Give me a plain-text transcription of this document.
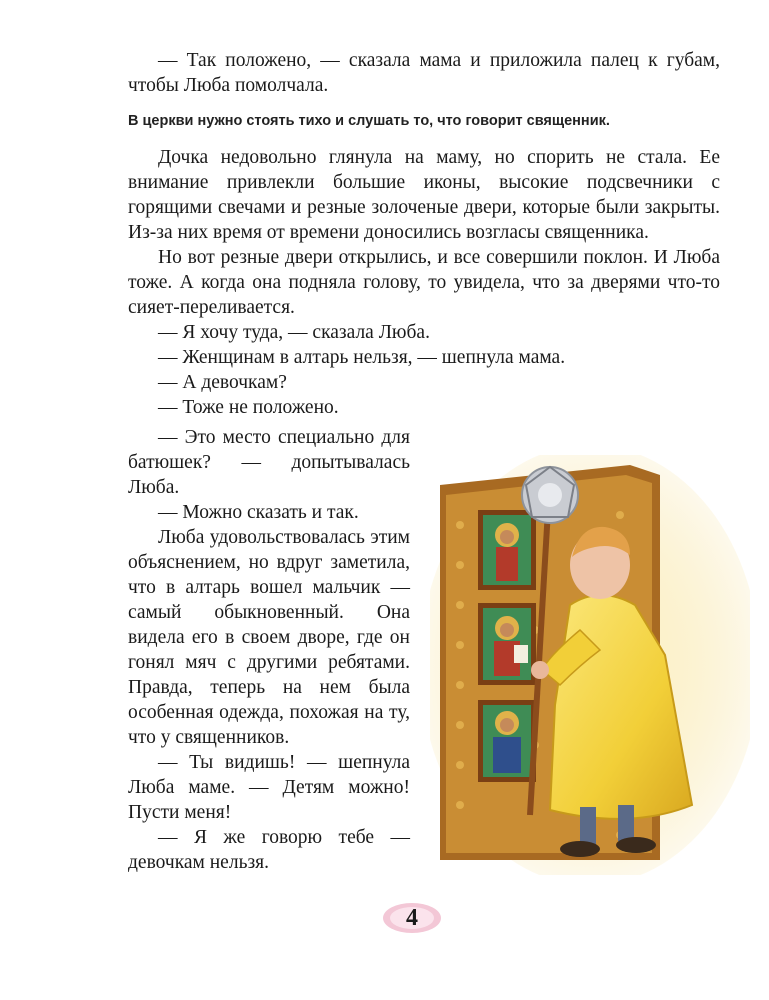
— Так положено, — сказала мама и приложила палец к губам, чтобы Люба помолчала.

В церкви нужно стоять тихо и слушать то, что говорит священник.

Дочка недовольно глянула на маму, но спорить не стала. Ее внимание привлекли большие иконы, высокие подсвечники с горящими свечами и резные золоченые двери, которые были закрыты. Из-за них время от времени доносились возгласы священника.

Но вот резные двери открылись, и все совершили поклон. И Люба тоже. А когда она подняла голову, то увидела, что за дверями что-то сияет-переливается.

— Я хочу туда, — сказала Люба.

— Женщинам в алтарь нельзя, — шепнула мама.

— А девочкам?

— Тоже не положено.

— Это место специально для батюшек? — допытывалась Люба.

— Можно сказать и так.

Люба удовольствовалась этим объяснением, но вдруг заметила, что в алтарь вошел мальчик — самый обыкновенный. Она видела его в своем дворе, где он гонял мяч с другими ребятами. Правда, теперь на нем была особенная одежда, похожая на ту, что у священников.

— Ты видишь! — шепнула Люба маме. — Детям можно! Пусти меня!

— Я же говорю тебе — девочкам нельзя.

4
